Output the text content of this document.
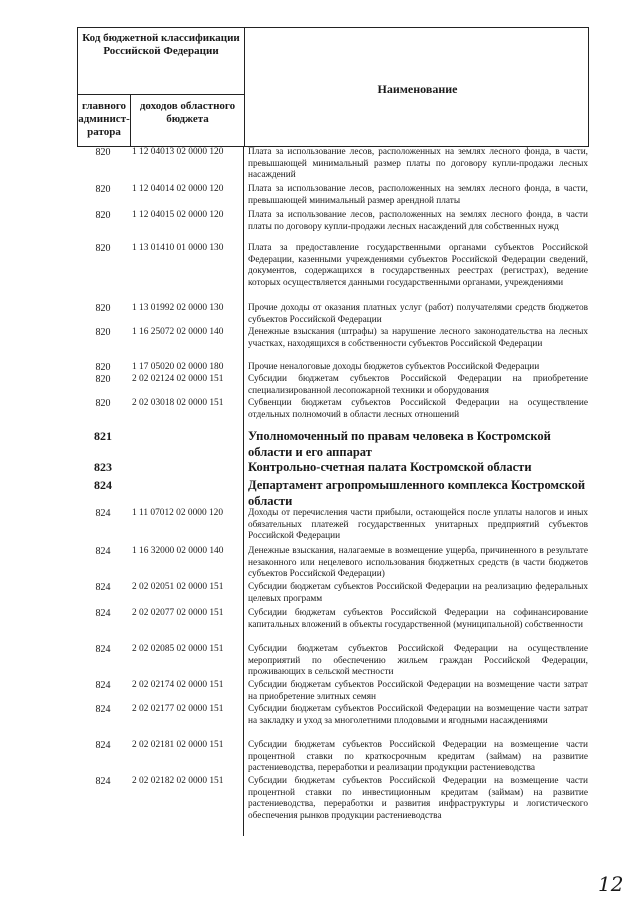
Код бюджетной классификации Российской Федерации
главного админист-ратора
доходов областного бюджета
Наименование
820	1 12 04013 02 0000 120	Плата за использование лесов, расположенных на землях лесного фонда, в части, превышающей минимальный размер платы по договору купли-продажи лесных насаждений
820	1 12 04014 02 0000 120	Плата за использование лесов, расположенных на землях лесного фонда, в части, превышающей минимальный размер арендной платы
820	1 12 04015 02 0000 120	Плата за использование лесов, расположенных на землях лесного фонда, в части платы по договору купли-продажи лесных насаждений для собственных нужд
820	1 13 01410 01 0000 130	Плата за предоставление государственными органами субъектов Российской Федерации, казенными учреждениями субъектов Российской Федерации сведений, документов, содержащихся в государственных реестрах (регистрах), ведение которых осуществляется данными государственными органами, учреждениями
820	1 13 01992 02 0000 130	Прочие доходы от оказания платных услуг (работ) получателями средств бюджетов субъектов Российской Федерации
820	1 16 25072 02 0000 140	Денежные взыскания (штрафы) за нарушение лесного законодательства на лесных участках, находящихся в собственности субъектов Российской Федерации
820	1 17 05020 02 0000 180	Прочие неналоговые доходы бюджетов субъектов Российской Федерации
820	2 02 02124 02 0000 151	Субсидии бюджетам субъектов Российской Федерации на приобретение специализированной лесопожарной техники и оборудования
820	2 02 03018 02 0000 151	Субвенции бюджетам субъектов Российской Федерации на осуществление отдельных полномочий в области лесных отношений
821	Уполномоченный по правам человека в Костромской области и его аппарат
823	Контрольно-счетная палата Костромской области
824	Департамент агропромышленного комплекса Костромской области
824	1 11 07012 02 0000 120	Доходы от перечисления части прибыли, остающейся после уплаты налогов и иных обязательных платежей государственных унитарных предприятий субъектов Российской Федерации
824	1 16 32000 02 0000 140	Денежные взыскания, налагаемые в возмещение ущерба, причиненного в результате незаконного или нецелевого использования бюджетных средств (в части бюджетов субъектов Российской Федерации)
824	2 02 02051 02 0000 151	Субсидии бюджетам субъектов Российской Федерации на реализацию федеральных целевых программ
824	2 02 02077 02 0000 151	Субсидии бюджетам субъектов Российской Федерации на софинансирование капитальных вложений в объекты государственной (муниципальной) собственности
824	2 02 02085 02 0000 151	Субсидии бюджетам субъектов Российской Федерации на осуществление мероприятий по обеспечению жильем граждан Российской Федерации, проживающих в сельской местности
824	2 02 02174 02 0000 151	Субсидии бюджетам субъектов Российской Федерации на возмещение части затрат на приобретение элитных семян
824	2 02 02177 02 0000 151	Субсидии бюджетам субъектов Российской Федерации на возмещение части затрат на закладку и уход за многолетними плодовыми и ягодными насаждениями
824	2 02 02181 02 0000 151	Субсидии бюджетам субъектов Российской Федерации на возмещение части процентной ставки по краткосрочным кредитам (займам) на развитие растениеводства, переработки и реализации продукции растениеводства
824	2 02 02182 02 0000 151	Субсидии бюджетам субъектов Российской Федерации на возмещение части процентной ставки по инвестиционным кредитам (займам) на развитие растениеводства, переработки и развития инфраструктуры и логистического обеспечения рынков продукции растениеводства
12
